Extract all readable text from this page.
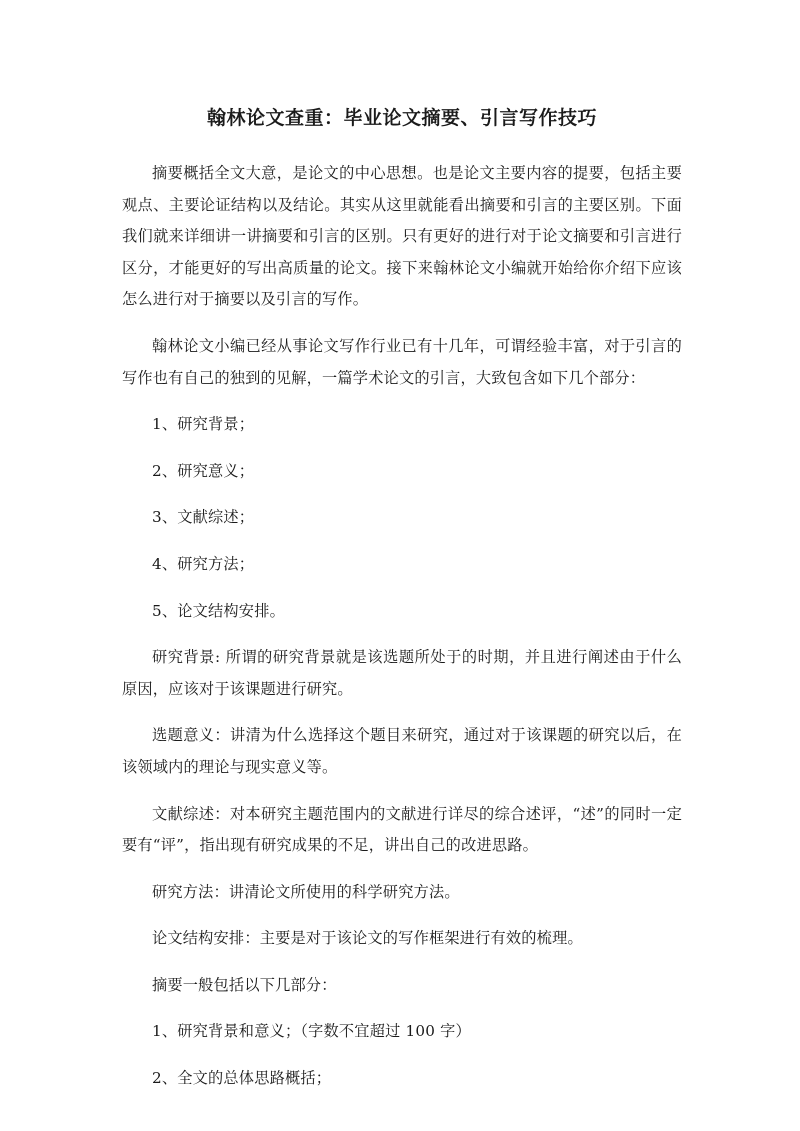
翰林论文查重：毕业论文摘要、引言写作技巧

摘要概括全文大意，是论文的中心思想。也是论文主要内容的提要，包括主要观点、主要论证结构以及结论。其实从这里就能看出摘要和引言的主要区别。下面我们就来详细讲一讲摘要和引言的区别。只有更好的进行对于论文摘要和引言进行区分，才能更好的写出高质量的论文。接下来翰林论文小编就开始给你介绍下应该怎么进行对于摘要以及引言的写作。

翰林论文小编已经从事论文写作行业已有十几年，可谓经验丰富，对于引言的写作也有自己的独到的见解，一篇学术论文的引言，大致包含如下几个部分：

1、研究背景；

2、研究意义；

3、文献综述；

4、研究方法；

5、论文结构安排。

研究背景: 所谓的研究背景就是该选题所处于的时期，并且进行阐述由于什么原因，应该对于该课题进行研究。

选题意义：讲清为什么选择这个题目来研究，通过对于该课题的研究以后，在该领域内的理论与现实意义等。

文献综述：对本研究主题范围内的文献进行详尽的综合述评，“述”的同时一定要有“评”，指出现有研究成果的不足，讲出自己的改进思路。

研究方法：讲清论文所使用的科学研究方法。

论文结构安排：主要是对于该论文的写作框架进行有效的梳理。

摘要一般包括以下几部分：

1、研究背景和意义；（字数不宜超过 100 字）

2、全文的总体思路概括；
